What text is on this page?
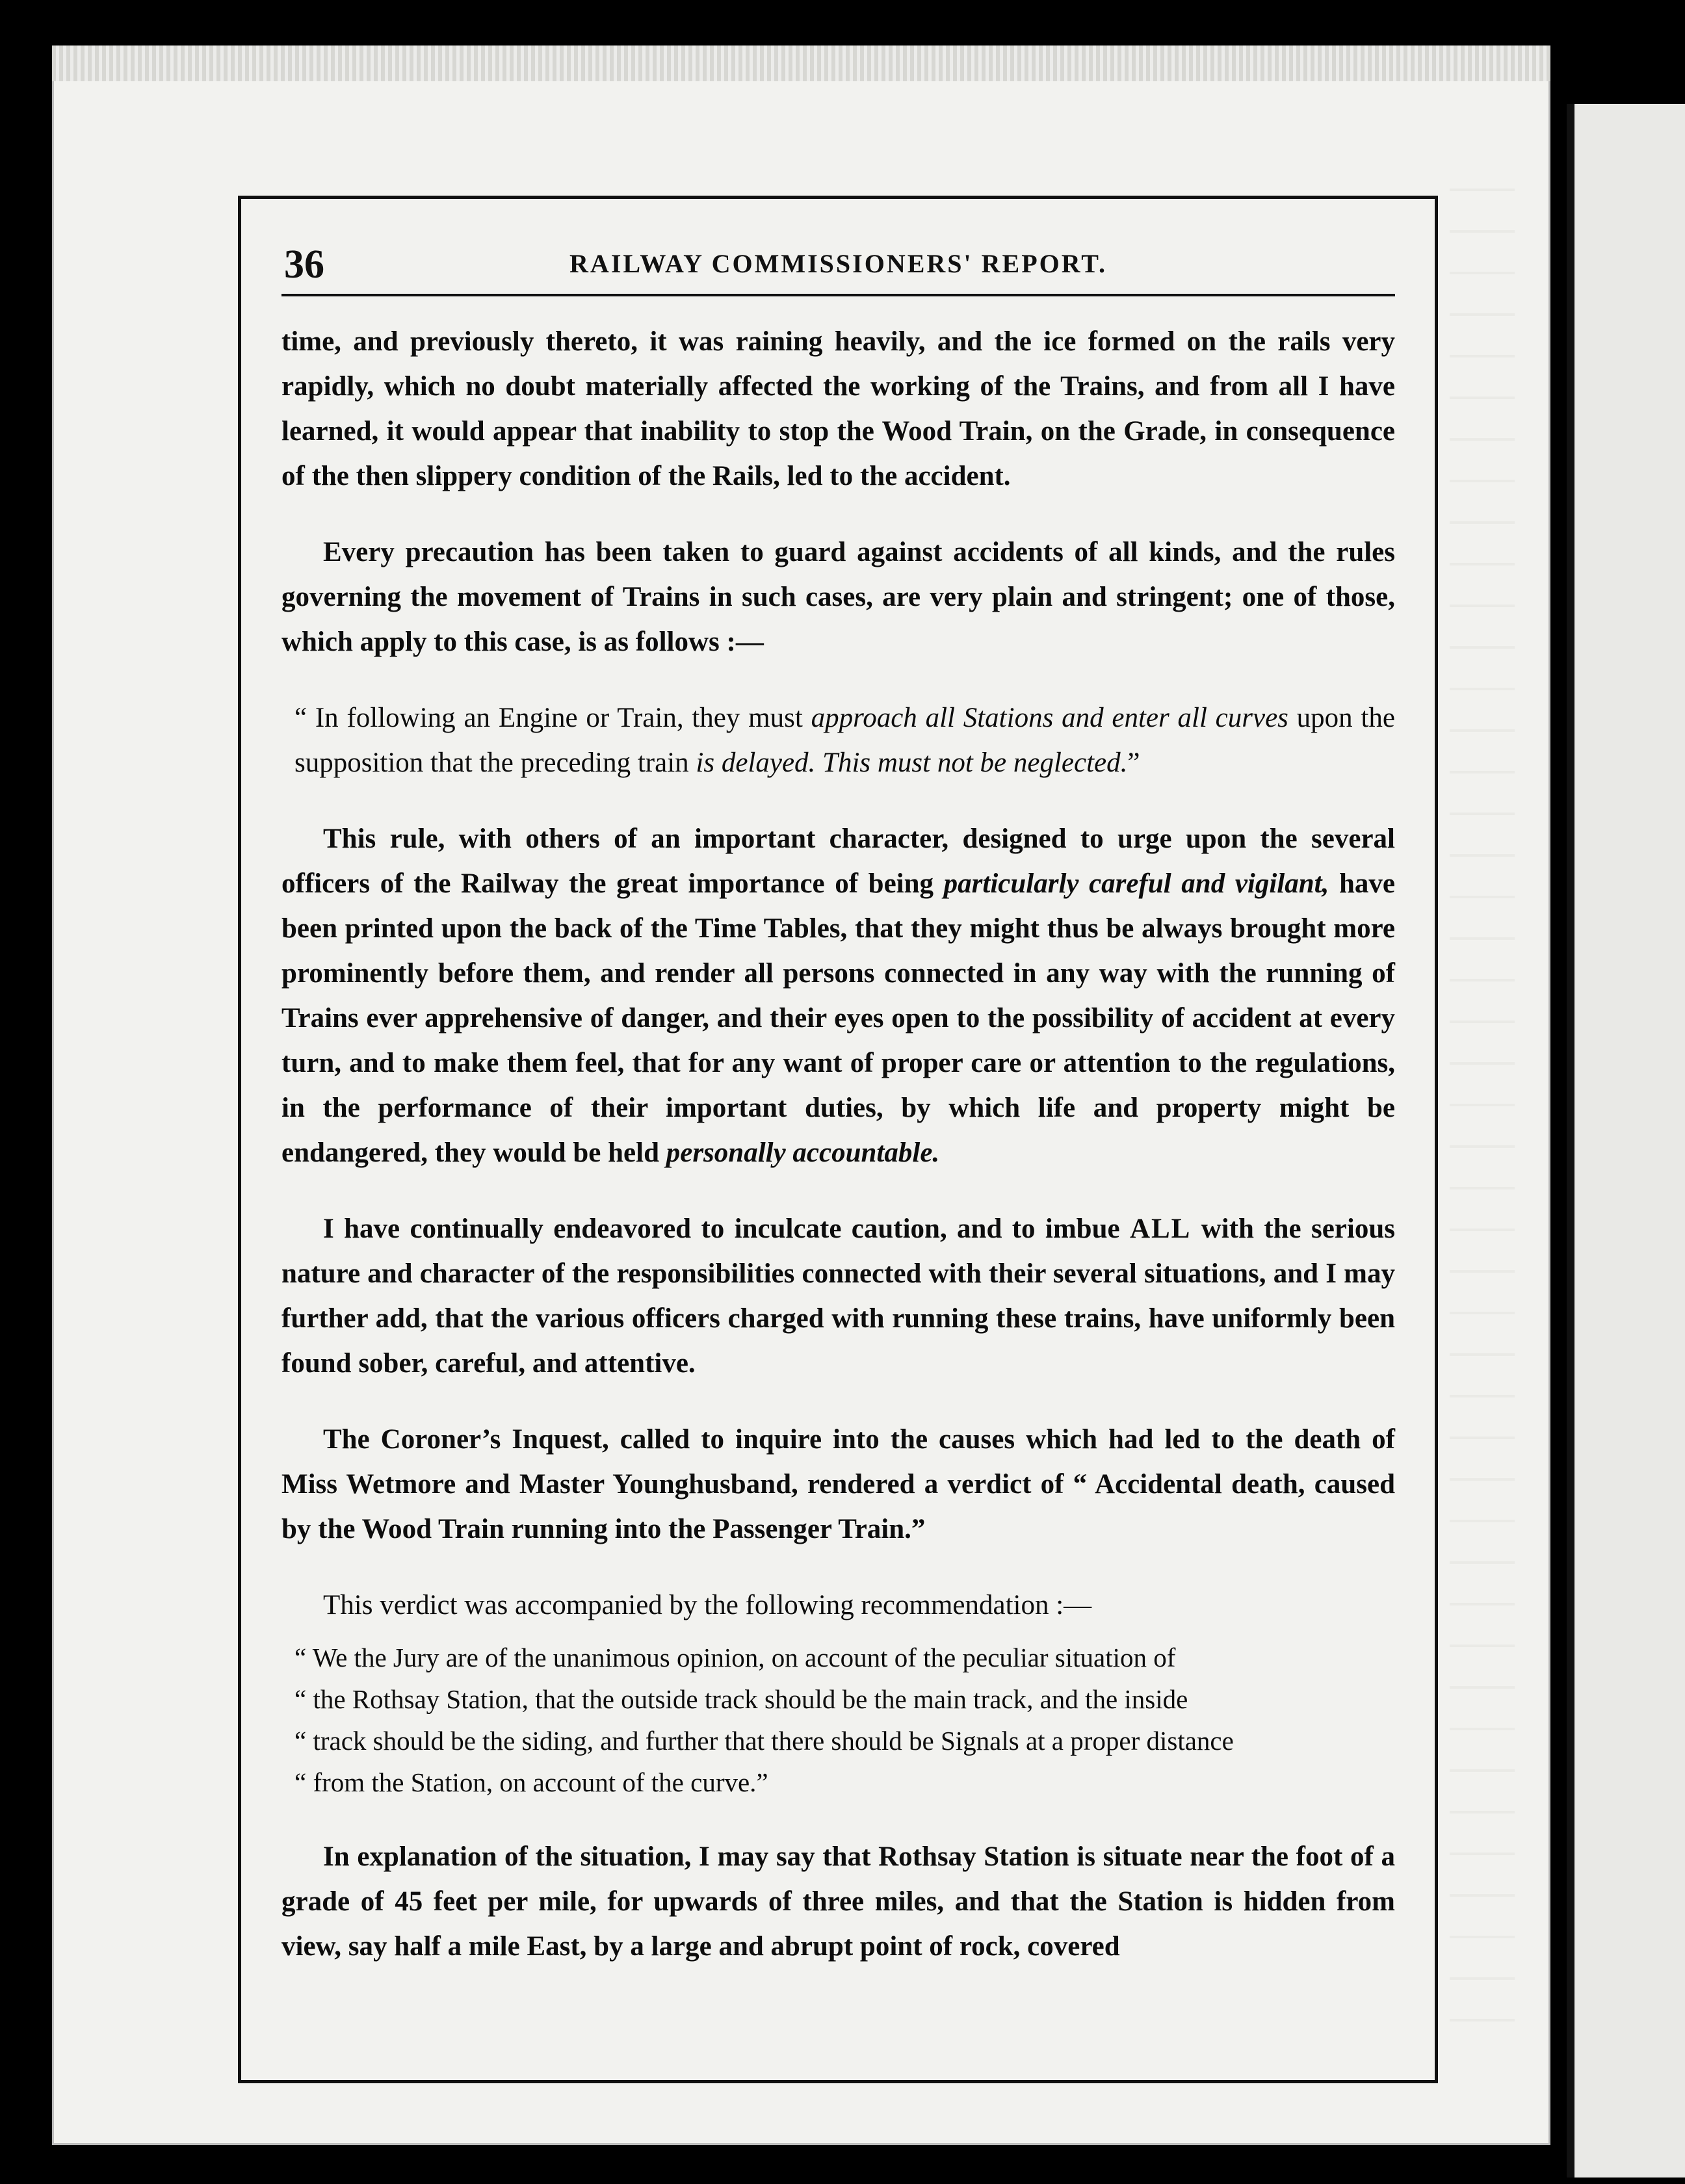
36	RAILWAY COMMISSIONERS' REPORT.

time, and previously thereto, it was raining heavily, and the ice formed on the rails very rapidly, which no doubt materially affected the working of the Trains, and from all I have learned, it would appear that inability to stop the Wood Train, on the Grade, in consequence of the then slippery condition of the Rails, led to the accident.

Every precaution has been taken to guard against accidents of all kinds, and the rules governing the movement of Trains in such cases, are very plain and stringent; one of those, which apply to this case, is as follows :—

“ In following an Engine or Train, they must approach all Stations and enter all curves upon the supposition that the preceding train is delayed. This must not be neglected.”

This rule, with others of an important character, designed to urge upon the several officers of the Railway the great importance of being particularly careful and vigilant, have been printed upon the back of the Time Tables, that they might thus be always brought more prominently before them, and render all persons connected in any way with the running of Trains ever apprehensive of danger, and their eyes open to the possibility of accident at every turn, and to make them feel, that for any want of proper care or attention to the regulations, in the performance of their important duties, by which life and property might be endangered, they would be held personally accountable.

I have continually endeavored to inculcate caution, and to imbue ALL with the serious nature and character of the responsibilities connected with their several situations, and I may further add, that the various officers charged with running these trains, have uniformly been found sober, careful, and attentive.

The Coroner’s Inquest, called to inquire into the causes which had led to the death of Miss Wetmore and Master Younghusband, rendered a verdict of “ Accidental death, caused by the Wood Train running into the Passenger Train.”

This verdict was accompanied by the following recommendation :—

“ We the Jury are of the unanimous opinion, on account of the peculiar situation of

“ the Rothsay Station, that the outside track should be the main track, and the inside

“ track should be the siding, and further that there should be Signals at a proper distance

“ from the Station, on account of the curve.”

In explanation of the situation, I may say that Rothsay Station is situate near the foot of a grade of 45 feet per mile, for upwards of three miles, and that the Station is hidden from view, say half a mile East, by a large and abrupt point of rock, covered
